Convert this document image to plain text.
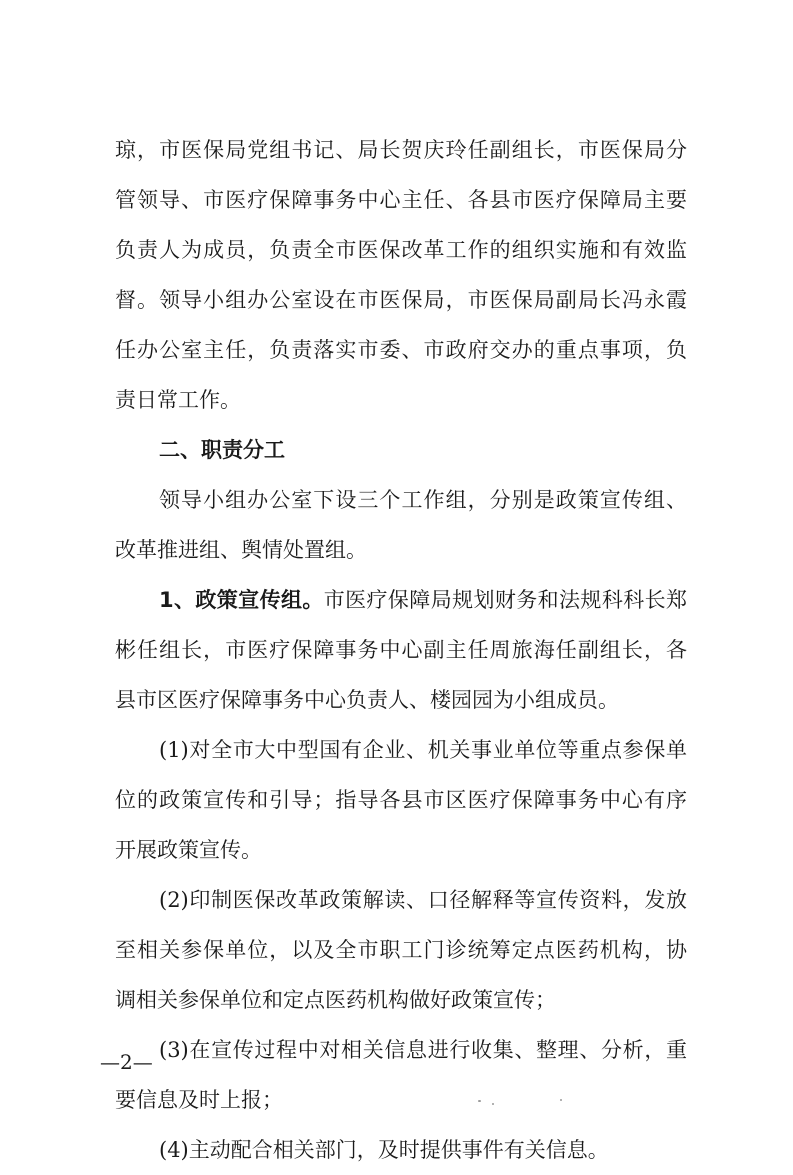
琼，市医保局党组书记、局长贺庆玲任副组长，市医保局分
管领导、市医疗保障事务中心主任、各县市医疗保障局主要
负责人为成员，负责全市医保改革工作的组织实施和有效监
督。领导小组办公室设在市医保局，市医保局副局长冯永霞
任办公室主任，负责落实市委、市政府交办的重点事项，负
责日常工作。
二、职责分工
领导小组办公室下设三个工作组，分别是政策宣传组、
改革推进组、舆情处置组。
1、政策宣传组。市医疗保障局规划财务和法规科科长郑
彬任组长，市医疗保障事务中心副主任周旅海任副组长，各
县市区医疗保障事务中心负责人、楼园园为小组成员。
(1)对全市大中型国有企业、机关事业单位等重点参保单
位的政策宣传和引导；指导各县市区医疗保障事务中心有序
开展政策宣传。
(2)印制医保改革政策解读、口径解释等宣传资料，发放
至相关参保单位，以及全市职工门诊统筹定点医药机构，协
调相关参保单位和定点医药机构做好政策宣传；
(3)在宣传过程中对相关信息进行收集、整理、分析，重
要信息及时上报；
(4)主动配合相关部门，及时提供事件有关信息。
—2—
